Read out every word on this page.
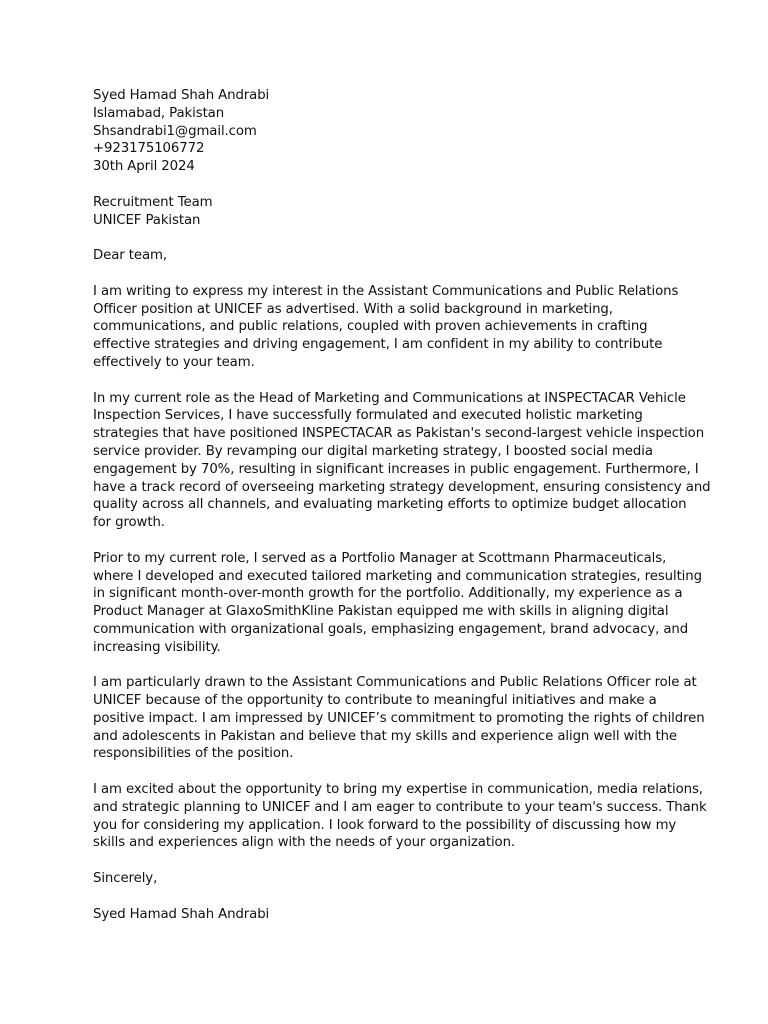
Syed Hamad Shah Andrabi
Islamabad, Pakistan
Shsandrabi1@gmail.com
+923175106772
30th April 2024
Recruitment Team
UNICEF Pakistan
Dear team,

I am writing to express my interest in the Assistant Communications and Public Relations
Officer position at UNICEF as advertised. With a solid background in marketing,
communications, and public relations, coupled with proven achievements in crafting
effective strategies and driving engagement, I am confident in my ability to contribute
effectively to your team.

In my current role as the Head of Marketing and Communications at INSPECTACAR Vehicle
Inspection Services, I have successfully formulated and executed holistic marketing
strategies that have positioned INSPECTACAR as Pakistan's second-largest vehicle inspection
service provider. By revamping our digital marketing strategy, I boosted social media
engagement by 70%, resulting in significant increases in public engagement. Furthermore, I
have a track record of overseeing marketing strategy development, ensuring consistency and
quality across all channels, and evaluating marketing efforts to optimize budget allocation
for growth.

Prior to my current role, I served as a Portfolio Manager at Scottmann Pharmaceuticals,
where I developed and executed tailored marketing and communication strategies, resulting
in significant month-over-month growth for the portfolio. Additionally, my experience as a
Product Manager at GlaxoSmithKline Pakistan equipped me with skills in aligning digital
communication with organizational goals, emphasizing engagement, brand advocacy, and
increasing visibility.

I am particularly drawn to the Assistant Communications and Public Relations Officer role at
UNICEF because of the opportunity to contribute to meaningful initiatives and make a
positive impact. I am impressed by UNICEF’s commitment to promoting the rights of children
and adolescents in Pakistan and believe that my skills and experience align well with the
responsibilities of the position.

I am excited about the opportunity to bring my expertise in communication, media relations,
and strategic planning to UNICEF and I am eager to contribute to your team's success. Thank
you for considering my application. I look forward to the possibility of discussing how my
skills and experiences align with the needs of your organization.

Sincerely,
Syed Hamad Shah Andrabi
